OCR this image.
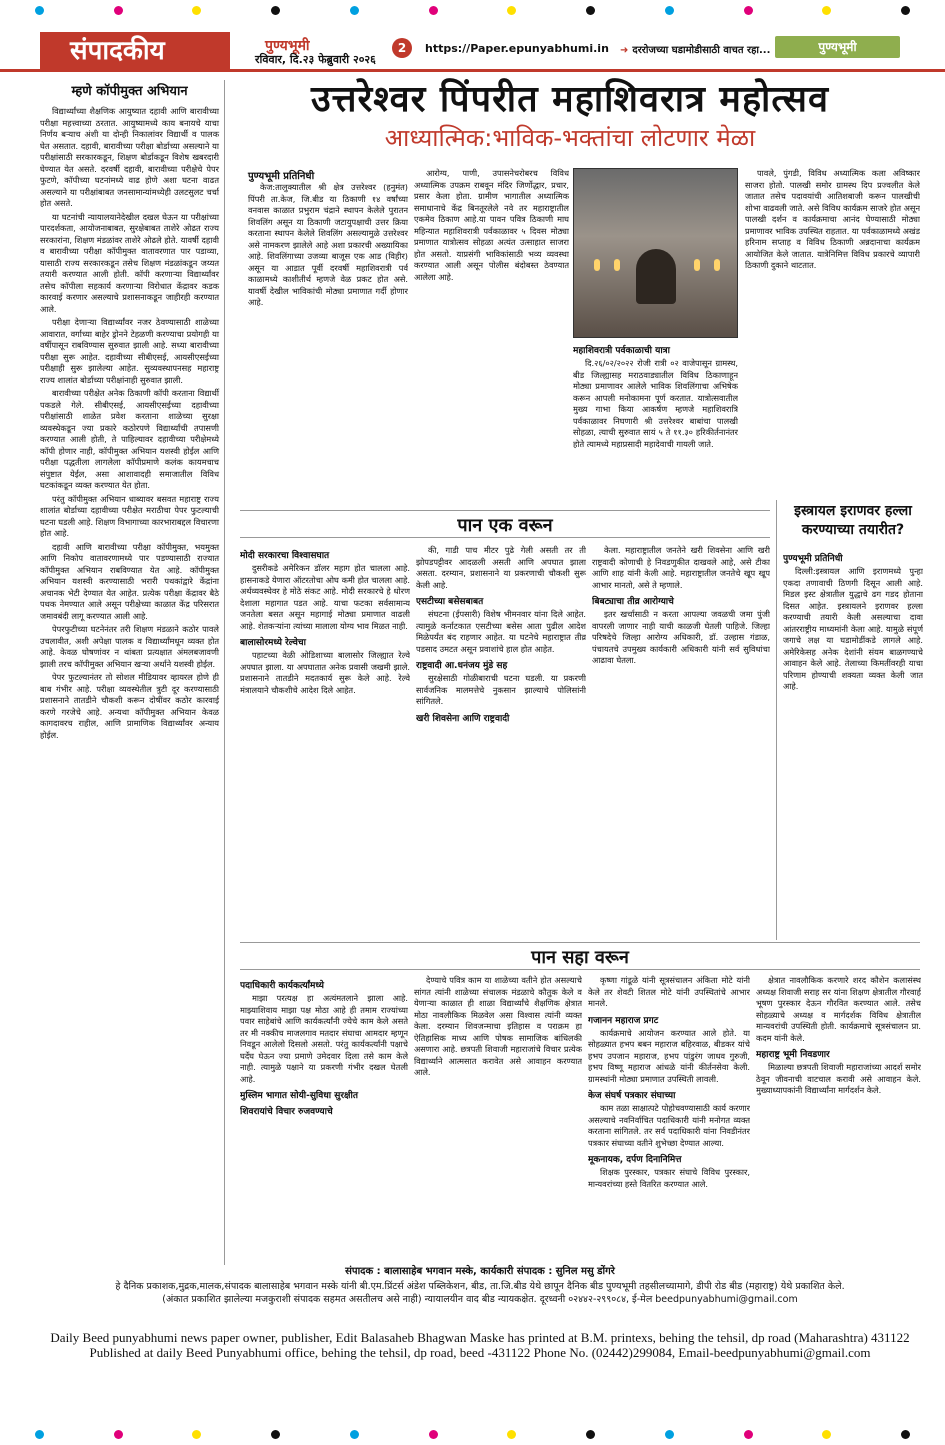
संपादकीय	पुण्यभूमी
रविवार, दि.२३ फेब्रुवारी २०२६
2	https://Paper.epunyabhumi.in ➜ दररोजच्या घडामोडीसाठी वाचत रहा...	पुण्यभूमी
म्हणे कॉपीमुक्त अभियान

विद्यार्थ्यांच्या शैक्षणिक आयुष्यात दहावी आणि बारावीच्या परीक्षा महत्त्वाच्या ठरतात. आयुष्यामध्ये काय बनायचे याचा निर्णय बऱ्याच अंशी या दोन्ही निकालांवर विद्यार्थी व पालक घेत असतात. दहावी, बारावीच्या परीक्षा बोर्डाच्या असल्याने या परीक्षांसाठी सरकारकडून, शिक्षण बोर्डाकडून विशेष खबरदारी घेण्यात येत असते. दरवर्षी दहावी, बारावीच्या परीक्षेचे पेपर फुटणे, कॉपीच्या घटनांमध्ये वाढ होणे अशा घटना वाढत असल्याने या परीक्षांबाबत जनसामान्यांमध्येही उलटसुलट चर्चा होत असते.

या घटनांची न्यायालयानेदेखील दखल घेऊन या परीक्षांच्या पारदर्शकता, आयोजनाबाबत, सुरक्षेबाबत ताशेरे ओढत राज्य सरकारांना, शिक्षण मंडळांवर ताशेरे ओढले होते. यावर्षी दहावी व बारावीच्या परीक्षा कॉपीमुक्त वातावरणात पार पडाव्या, यासाठी राज्य सरकारकडून तसेच शिक्षण मंडळांकडून जय्यत तयारी करण्यात आली होती. कॉपी करणाऱ्या विद्यार्थ्यांवर तसेच कॉपीला सहकार्य करणाऱ्या विरोधात केंद्रावर कडक कारवाई करणार असल्याचे प्रशासनाकडून जाहीरही करण्यात आले.

परीक्षा देणाऱ्या विद्यार्थ्यांवर नजर ठेवण्यासाठी शाळेच्या आवारात, वर्गाच्या बाहेर ड्रोनने टेहळणी करण्याचा प्रयोगही या वर्षीपासून राबविण्यास सुरुवात झाली आहे. सध्या बारावीच्या परीक्षा सुरू आहेत. दहावीच्या सीबीएसई, आयसीएसईच्या परीक्षाही सुरू झालेल्या आहेत. सुव्यवस्थापनसह महाराष्ट्र राज्य शालांत बोर्डाच्या परीक्षांनाही सुरुवात झाली.

बारावीच्या परीक्षेत अनेक ठिकाणी कॉपी करताना विद्यार्थी पकडले गेले. सीबीएसई, आयसीएसईच्या दहावीच्या परीक्षांसाठी शाळेत प्रवेश करताना शाळेच्या सुरक्षा व्यवस्थेकडून ज्या प्रकारे कठोरपणे विद्यार्थ्यांची तपासणी करण्यात आली होती, ते पाहिल्यावर दहावीच्या परीक्षेमध्ये कॉपी होणार नाही, कॉपीमुक्त अभियान यशस्वी होईल आणि परीक्षा पद्धतीला लागलेला कॉपीप्रमाणे कलंक कायमचाच संपुष्टात येईल, असा आशावादही समाजातील विविध घटकांकडून व्यक्त करण्यात येत होता.

परंतु कॉपीमुक्त अभियान धाब्यावर बसवत महाराष्ट्र राज्य शालांत बोर्डाच्या दहावीच्या परीक्षेत मराठीचा पेपर फुटल्याची घटना घडली आहे. शिक्षण विभागाच्या कारभाराबद्दल विचारणा होत आहे.

दहावी आणि बारावीच्या परीक्षा कॉपीमुक्त, भयमुक्त आणि निकोप वातावरणामध्ये पार पडण्यासाठी राज्यात कॉपीमुक्त अभियान राबविण्यात येत आहे. कॉपीमुक्त अभियान यशस्वी करण्यासाठी भरारी पथकांद्वारे केंद्रांना अचानक भेटी देण्यात येत आहेत. प्रत्येक परीक्षा केंद्रावर बैठे पथक नेमण्यात आले असून परीक्षेच्या काळात केंद्र परिसरात जमावबंदी लागू करण्यात आली आहे.

पेपरफुटीच्या घटनेनंतर तरी शिक्षण मंडळाने कठोर पावले उचलावीत, अशी अपेक्षा पालक व विद्यार्थ्यांमधून व्यक्त होत आहे. केवळ घोषणांवर न थांबता प्रत्यक्षात अंमलबजावणी झाली तरच कॉपीमुक्त अभियान खऱ्या अर्थाने यशस्वी होईल.

पेपर फुटल्यानंतर तो सोशल मीडियावर व्हायरल होणे ही बाब गंभीर आहे. परीक्षा व्यवस्थेतील त्रुटी दूर करण्यासाठी प्रशासनाने तातडीने चौकशी करून दोषींवर कठोर कारवाई करणे गरजेचे आहे. अन्यथा कॉपीमुक्त अभियान केवळ कागदावरच राहील, आणि प्रामाणिक विद्यार्थ्यांवर अन्याय होईल.

उत्तरेश्वर पिंपरीत महाशिवरात्र महोत्सव
आध्यात्मिक:भाविक-भक्तांचा लोटणार मेळा
पुण्यभूमी प्रतिनिधी

केज:तालुक्यातील श्री क्षेत्र उत्तरेश्वर (हनुमंत) पिंपरी ता.केज, जि.बीड या ठिकाणी १४ वर्षांच्या वनवास काळात प्रभुराम चंद्राने स्थापन केलेले पुरातन शिवलिंग असून या ठिकाणी जटायुपक्षाची उत्तर क्रिया करताना स्थापन केलेले शिवलिंग असल्यामुळे उत्तरेश्वर असे नामकरण झालेले आहे अशा प्रकारची अख्यायिका आहे. शिवलिंगाच्या उजव्या बाजूस एक आड (विहीर) असून या आडात पूर्वी दरवर्षी महाशिवरात्री पर्व काळामध्ये काशीतीर्थ म्हणजे वेळ प्रकट होत असे. यावर्षी देखील भाविकांची मोठ्या प्रमाणात गर्दी होणार आहे.

आरोग्य, पाणी, उपासनेचरोबरच विविध अध्यात्मिक उपक्रम राबवून मंदिर जिर्णोद्धार, प्रचार, प्रसार केला होता. ग्रामीण भागातील अध्यात्मिक समाधानाचे केंद्र बिनतूरलेले नवे तर महाराष्ट्रातील एकमेव ठिकाण आहे.या पावन पवित्र ठिकाणी माघ महिन्यात महाशिवरात्री पर्वकाळावर ५ दिवस मोठ्या प्रमाणात यात्रोत्सव सोहळा अत्यंत उत्साहात साजरा होत असतो. याप्रसंगी भाविकांसाठी भव्य व्यवस्था करण्यात आली असून पोलीस बंदोबस्त ठेवण्यात आलेला आहे.

महाशिवरात्री पर्वकाळाची यात्रा

दि.२६/०२/२०२२ रोजी रात्री ०२ वाजेपासून ग्रामस्थ, बीड जिल्ह्यासह मराठवाड्यातील विविध ठिकाणाहून मोठ्या प्रमाणावर आलेले भाविक शिवलिंगाचा अभिषेक करून आपली मनोकामना पूर्ण करतात. यात्रोत्सवातील मुख्य गाभा किया आकर्षण म्हणजे महाशिवरात्रि पर्वकाळावर निघणारी श्री उत्तरेश्वर बाबांचा पालखी सोहळा, त्याची सुरुवात सायं ५ ते ११.३० हरिकीर्तनानंतर होते त्यामध्ये महाप्रसादी महादेवाची गायली जाते.

पावले, पुंगडी, विविध अध्यात्मिक कला अविष्कार साजरा होतो. पालखी समोर ग्रामस्थ दिप प्रज्वलीत केले जातात तसेच पदावयांची आतिशबाजी करून पालखीची शोभा वाढवली जाते. असे विविध कार्यक्रम साजरे होत असून पालखी दर्शन व कार्यक्रमाचा आनंद घेण्यासाठी मोठ्या प्रमाणावर भाविक उपस्थित राहतात. या पर्वकाळामध्ये अखंड हरिनाम सप्ताह व विविध ठिकाणी अन्नदानाचा कार्यक्रम आयोजित केले जातात. यात्रेनिमित्त विविध प्रकारचे व्यापारी ठिकाणी दुकाने थाटतात.

पान एक वरून
मोदी सरकारचा विश्वासघात

दुसरीकडे अमेरिकन डॉलर महाग होत चालला आहे. हासनाकडे येणारा ऑटरतोचा ओघ कमी होत चालला आहे. अर्थव्यवस्थेवर हे मोठे संकट आहे. मोदी सरकारचे हे धोरण देशाला महागात पडत आहे. याचा फटका सर्वसामान्य जनतेला बसत असून महागाई मोठ्या प्रमाणात वाढली आहे. शेतकऱ्यांना त्यांच्या मालाला योग्य भाव मिळत नाही.

बालासोरमध्ये रेल्वेचा

पहाटच्या वेळी ओडिशाच्या बालासोर जिल्ह्यात रेल्वे अपघात झाला. या अपघातात अनेक प्रवासी जखमी झाले. प्रशासनाने तातडीने मदतकार्य सुरू केले आहे. रेल्वे मंत्रालयाने चौकशीचे आदेश दिले आहेत.

की, गाडी पाच मीटर पुढे गेली असती तर ती झोपडपट्टीवर आदळली असती आणि अपघात झाला असता. दरम्यान, प्रशासनाने या प्रकरणाची चौकशी सुरू केली आहे.

एसटीच्या बसेसबाबत

संघटना (ईपसारी) विशेष भीमनवार यांना दिले आहेत. त्यामुळे कर्नाटकात एसटीच्या बसेस आता पुढील आदेश मिळेपर्यंत बंद राहणार आहेत. या घटनेचे महाराष्ट्रात तीव्र पडसाद उमटत असून प्रवाशांचे हाल होत आहेत.

राष्ट्रवादी आ.धनंजय मुंडे सह

सुरक्षेसाठी गोळीबाराची घटना घडली. या प्रकरणी सार्वजनिक मालमत्तेचे नुकसान झाल्याचे पोलिसांनी सांगितले.

खरी शिवसेना आणि राष्ट्रवादी

केला. महाराष्ट्रातील जनतेने खरी शिवसेना आणि खरी राष्ट्रवादी कोणाची हे निवडणुकीत दाखवले आहे, असे टीका आणि शाह यांनी केली आहे. महाराष्ट्रातील जनतेचे खूप खूप आभार मानतो, असे ते म्हणाले.

बिबट्याचा तीव्र आरोग्याचे

इतर खर्चासाठी न करता आपल्या जवळची जमा पुंजी वापरली जाणार नाही याची काळजी घेतली पाहिजे. जिल्हा परिषदेचे जिल्हा आरोग्य अधिकारी, डॉ. उल्हास गंडाळ, पंचायतचे उपमुख्य कार्यकारी अधिकारी यांनी सर्व सुविधांचा आढावा घेतला.

इस्त्रायल इराणवर हल्ला करण्याच्या तयारीत?
पुण्यभूमी प्रतिनिधी

दिल्ली:इस्त्रायल आणि इराणमध्ये पुन्हा एकदा तणावाची ठिणगी दिसून आली आहे. मिडल इस्ट क्षेत्रातील युद्धाचे ढग गडद होताना दिसत आहेत. इस्त्रायलने इराणवर हल्ला करण्याची तयारी केली असल्याचा दावा आंतरराष्ट्रीय माध्यमांनी केला आहे. यामुळे संपूर्ण जगाचे लक्ष या घडामोडींकडे लागले आहे. अमेरिकेसह अनेक देशांनी संयम बाळगण्याचे आवाहन केले आहे. तेलाच्या किमतींवरही याचा परिणाम होण्याची शक्यता व्यक्त केली जात आहे.

पान सहा वरून
पदाधिकारी कार्यकर्त्यांमध्ये

माझा परत्यक्ष हा अत्यंमतलाने झाला आहे. माझ्याशिवाय माझा पक्ष मोठा आहे ही तमाम राज्यांच्या पवार साहेबांचे आणि कार्यकर्त्यांनी ज्येचे काम केले असते तर मी नक्कीच माजलगाव मतदार संघाचा आमदार म्हणून निवडून आलेलो दिसलो असतो. परंतु कार्यकर्त्यांनी पक्षाचे घर्देघ घेऊन ज्या प्रमाणे उमेदवार दिला तसे काम केले नाही. त्यामुळे पक्षाने या प्रकरणी गंभीर दखल घेतली आहे.

मुस्लिम भागात सोयी-सुविधा सुरक्षीत
शिवरायांचे विचार रुजवण्याचे

देण्याचे पवित्र काम या शाळेच्या वतीने होत असल्याचे सांगत त्यांनी शाळेच्या संचालक मंडळाचे कौतुक केले व येणाऱ्या काळात ही शाळा विद्यार्थ्यांचे शैक्षणिक क्षेत्रात मोठा नावलौकिक मिळवेल असा विश्वास त्यांनी व्यक्त केला. दरम्यान शिवजन्माचा इतिहास व पराक्रम हा ऐतिहासिक माध्य आणि पोषक सामाजिक बांधिलकी असणारा आहे. छत्रपती शिवाजी महाराजांचे विचार प्रत्येक विद्यार्थ्याने आत्मसात करावेत असे आवाहन करण्यात आले.

कृष्णा गांडूळे यांनी सूत्रसंचालन अंकिता मोटे यांनी केले तर शेवटी शितल मोटे यांनी उपस्थितांचे आभार मानले.

गजानन महाराज प्रगट

कार्यक्रमाचे आयोजन करण्यात आले होते. या सोहळ्यात हभप बबन महाराज बहिरवाळ, बीडकर यांचे हभप उपजान महाराज, हभप पांडुरंग जाधव गुरुजी, हभप विष्णू महाराज आंधळे यांनी कीर्तनसेवा केली. ग्रामस्थांनी मोठ्या प्रमाणात उपस्थिती लावली.

केज संघर्ष पत्रकार संघाच्या

काम तळा साक्षात्पटे पोहोचवण्यासाठी कार्य करणार असल्याचे नवनिर्वाचित पदाधिकारी यांनी मनोगत व्यक्त करताना सांगितले. तर सर्व पदाधिकारी यांना निवडीनंतर पत्रकार संघाच्या वतीने शुभेच्छा देण्यात आल्या.

मूकनायक, दर्पण दिनानिमित्त

शिक्षक पुरस्कार, पत्रकार संघाचे विविध पुरस्कार, मान्यवरांच्या हस्ते वितरित करण्यात आले.

क्षेत्रात नावलौकिक करणारे शरद कौशेन कलासंस्थ अध्यक्ष शिवाजी सराह सर यांना शिक्षण क्षेत्रातील गौरवार्ह भूषण पुरस्कार देऊन गौरवित करण्यात आले. तसेच सोहळ्याचे अध्यक्ष व मार्गदर्शक विविध क्षेत्रातील मान्यवरांची उपस्थिती होती. कार्यक्रमाचे सूत्रसंचालन प्रा. कदम यांनी केले.

महाराष्ट्र भूमी निवडणार

मिळाल्या छत्रपती शिवाजी महाराजांच्या आदर्श समोर ठेवून जीवनाची वाटचाल करावी असे आवाहन केले. मुख्याध्यापकांनी विद्यार्थ्यांना मार्गदर्शन केले.

संपादक : बालासाहेब भगवान मस्के, कार्यकारी संपादक : सुनिल मसु डोंगरे
हे दैनिक प्रकाशक,मुद्रक,मालक,संपादक बालासाहेब भगवान मस्के यांनी बी.एम.प्रिंटर्स अंडेश पब्लिकेशन, बीड, ता.जि.बीड येथे छापून दैनिक बीड पुण्यभूमी तहसीलच्यामागे, डीपी रोड बीड (महाराष्ट्र) येथे प्रकाशित केले.
(अंकात प्रकाशित झालेल्या मजकुराशी संपादक सहमत असतीलच असे नाही) न्यायालयीन वाद बीड न्यायकक्षेत. दूरध्वनी ०२४४२-२९९०८४, ई-मेल beedpunyabhumi@gmail.com
Daily Beed punyabhumi news paper owner, publisher, Edit Balasaheb Bhagwan Maske has printed at B.M. printexs, behing the tehsil, dp road (Maharashtra) 431122
Published at daily Beed Punyabhumi office, behing the tehsil, dp road, beed -431122 Phone No. (02442)299084, Email-beedpunyabhumi@gmail.com
